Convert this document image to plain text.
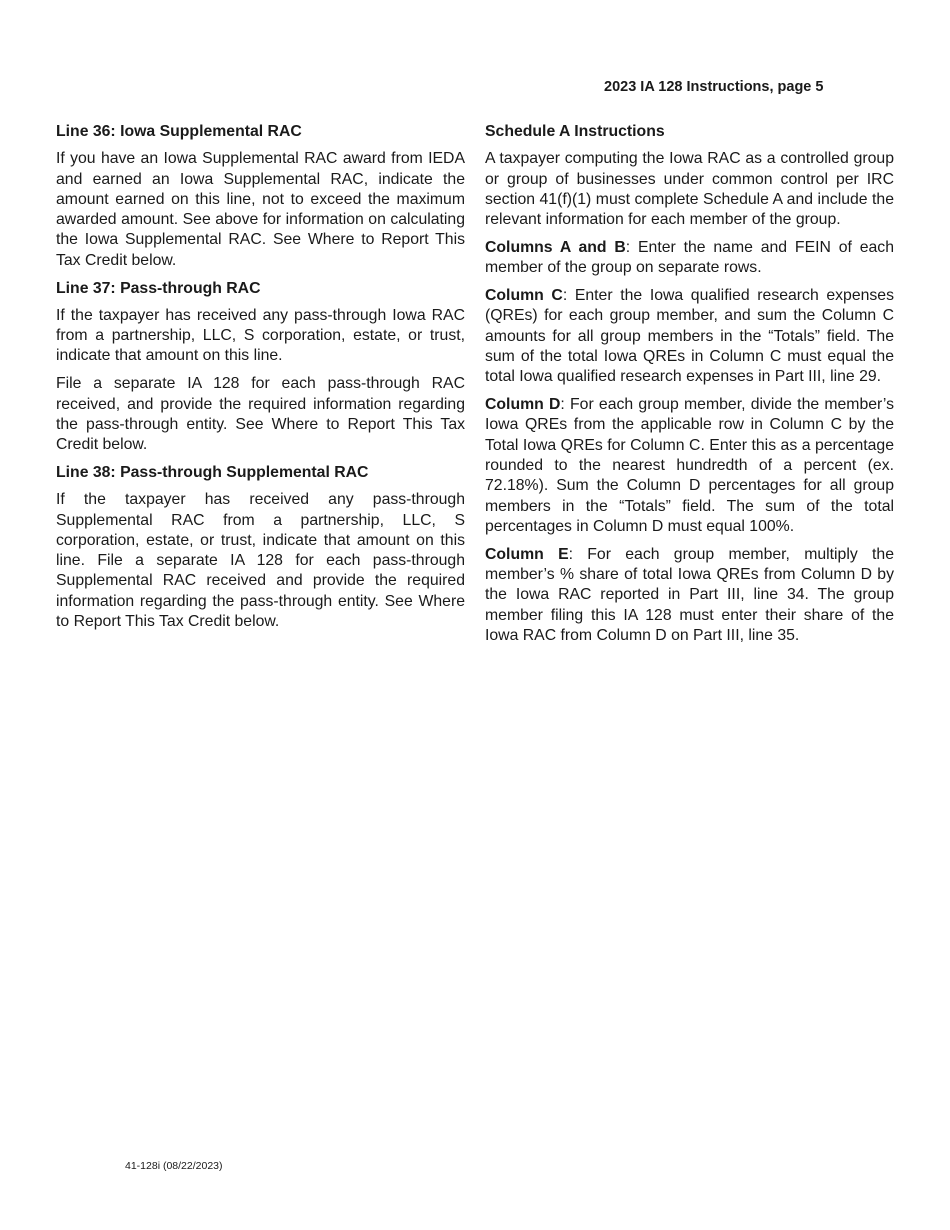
2023 IA 128 Instructions, page 5
Line 36: Iowa Supplemental RAC

If you have an Iowa Supplemental RAC award from IEDA and earned an Iowa Supplemental RAC, indicate the amount earned on this line, not to exceed the maximum awarded amount. See above for information on calculating the Iowa Supplemental RAC. See Where to Report This Tax Credit below.

Line 37: Pass-through RAC

If the taxpayer has received any pass-through Iowa RAC from a partnership, LLC, S corporation, estate, or trust, indicate that amount on this line.

File a separate IA 128 for each pass-through RAC received, and provide the required information regarding the pass-through entity. See Where to Report This Tax Credit below.

Line 38: Pass-through Supplemental RAC

If the taxpayer has received any pass-through Supplemental RAC from a partnership, LLC, S corporation, estate, or trust, indicate that amount on this line. File a separate IA 128 for each pass-through Supplemental RAC received and provide the required information regarding the pass-through entity. See Where to Report This Tax Credit below.

Schedule A Instructions

A taxpayer computing the Iowa RAC as a controlled group or group of businesses under common control per IRC section 41(f)(1) must complete Schedule A and include the relevant information for each member of the group.

Columns A and B: Enter the name and FEIN of each member of the group on separate rows.

Column C: Enter the Iowa qualified research expenses (QREs) for each group member, and sum the Column C amounts for all group members in the “Totals” field. The sum of the total Iowa QREs in Column C must equal the total Iowa qualified research expenses in Part III, line 29.

Column D: For each group member, divide the member’s Iowa QREs from the applicable row in Column C by the Total Iowa QREs for Column C. Enter this as a percentage rounded to the nearest hundredth of a percent (ex. 72.18%). Sum the Column D percentages for all group members in the “Totals” field. The sum of the total percentages in Column D must equal 100%.

Column E: For each group member, multiply the member’s % share of total Iowa QREs from Column D by the Iowa RAC reported in Part III, line 34. The group member filing this IA 128 must enter their share of the Iowa RAC from Column D on Part III, line 35.

41-128i (08/22/2023)
